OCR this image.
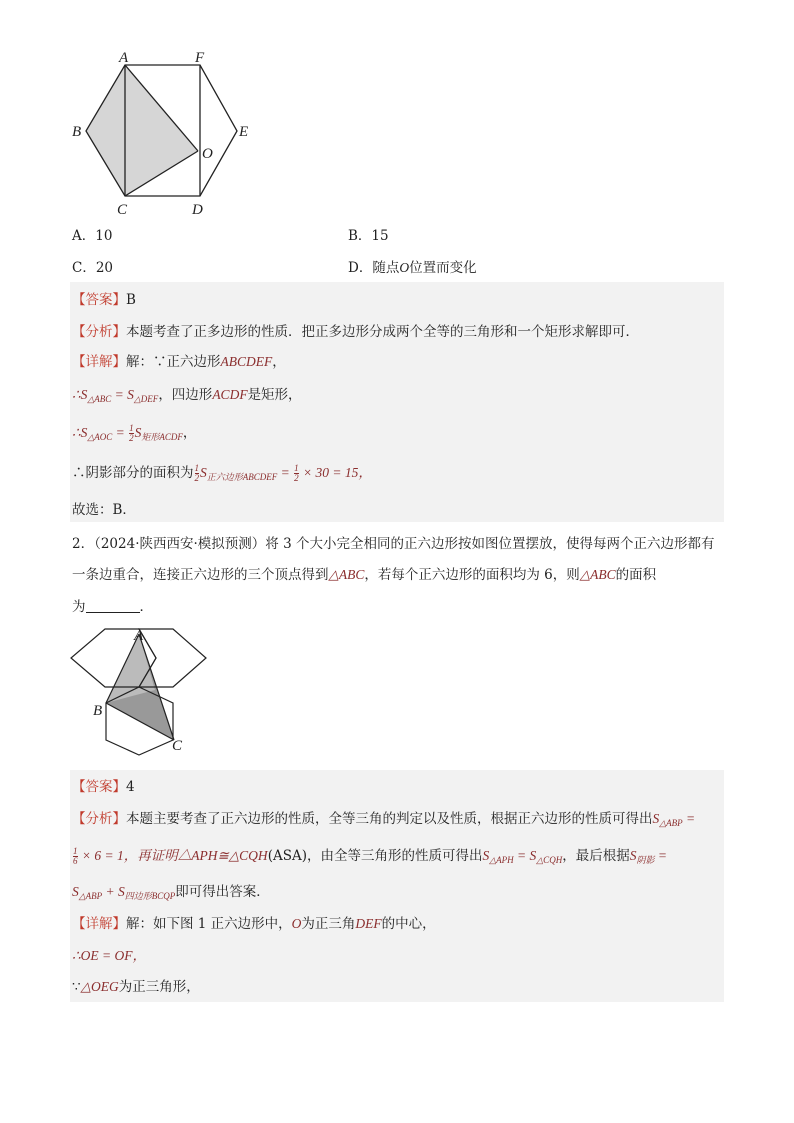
A	F
B	E
O
C	D
A．10	B．15
C．20	D．随点O位置而变化
【答案】B
【分析】本题考查了正多边形的性质．把正多边形分成两个全等的三角形和一个矩形求解即可．
【详解】解：∵正六边形ABCDEF，
$\therefore S_{\triangle ABC} = S_{\triangle DEF}$，四边形ACDF是矩形，
$\therefore S_{\triangle AOC} = \frac{1}{2} S_{矩形ACDF}$，
∴阴影部分的面积为 $\frac{1}{2} S_{正六边形ABCDEF} = \frac{1}{2} \times 30 = 15$，
故选：B．
2．（2024·陕西西安·模拟预测）将 3 个大小完全相同的正六边形按如图位置摆放，使得每两个正六边形都有
一条边重合，连接正六边形的三个顶点得到△ABC，若每个正六边形的面积均为 6，则△ABC的面积
为	．
A
B
C
【答案】4
【分析】本题主要考查了正六边形的性质，全等三角的判定以及性质，根据正六边形的性质可得出$S_{\triangle ABP}$ =
$\frac{1}{6} \times 6 = 1$，再证明△APH≅△CQH(ASA)，由全等三角形的性质可得出$S_{\triangle APH} = S_{\triangle CQH}$，最后根据$S_{阴影}$ =
$S_{\triangle ABP} + S_{四边形BCQP}$即可得出答案．
【详解】解：如下图 1 正六边形中，O为正三角DEF的中心，
∴OE = OF，
∵△OEG为正三角形，
